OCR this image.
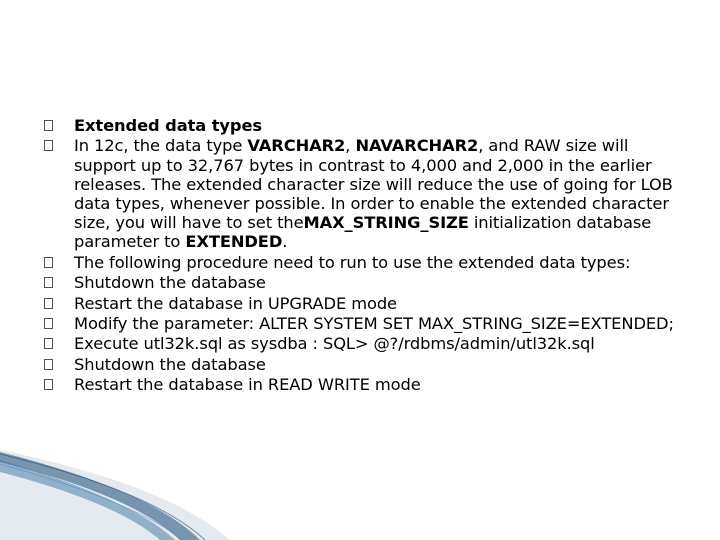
Extended data types
In 12c, the data type VARCHAR2, NAVARCHAR2, and RAW size will support up to 32,767 bytes in contrast to 4,000 and 2,000 in the earlier releases. The extended character size will reduce the use of going for LOB data types, whenever possible. In order to enable the extended character size, you will have to set theMAX_STRING_SIZE initialization database parameter to EXTENDED.
The following procedure need to run to use the extended data types:
Shutdown the database
Restart the database in UPGRADE mode
Modify the parameter: ALTER SYSTEM SET MAX_STRING_SIZE=EXTENDED;
Execute utl32k.sql as sysdba : SQL> @?/rdbms/admin/utl32k.sql
Shutdown the database
Restart the database in READ WRITE mode
